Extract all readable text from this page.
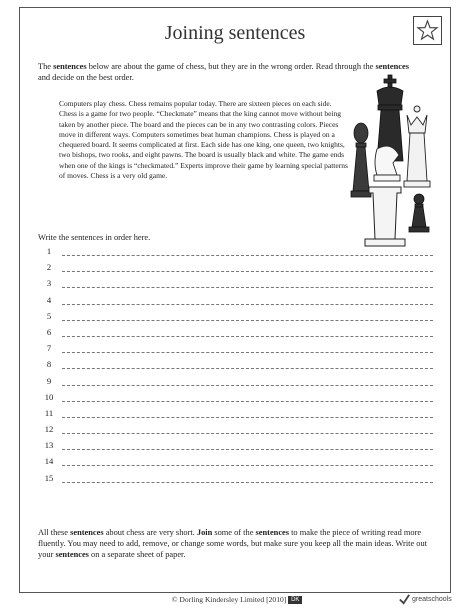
Joining sentences

The sentences below are about the game of chess, but they are in the wrong order. Read through the sentences and decide on the best order.

Computers play chess. Chess remains popular today. There are sixteen pieces on each side. Chess is a game for two people. “Checkmate” means that the king cannot move without being taken by another piece. The board and the pieces can be in any two contrasting colors. Pieces move in different ways. Computers sometimes beat human champions. Chess is played on a chequered board. It seems complicated at first. Each side has one king, one queen, two knights, two bishops, two rooks, and eight pawns. The board is usually black and white. The game ends when one of the kings is “checkmated.” Experts improve their game by learning special patterns of moves. Chess is a very old game.

Write the sentences in order here.
1
2
3
4
5
6
7
8
9
10
11
12
13
14
15

All these sentences about chess are very short. Join some of the sentences to make the piece of writing read more fluently. You may need to add, remove, or change some words, but make sure you keep all the main ideas. Write out your sentences on a separate sheet of paper.

© Dorling Kindersley Limited [2010] DK	greatschools
